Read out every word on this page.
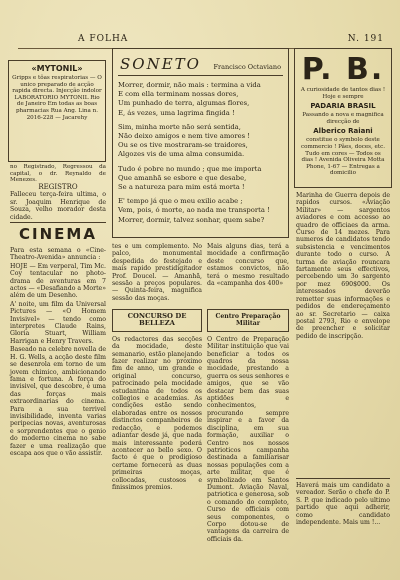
A FOLHA	N. 191
«MYTONIL»
Gripps e tôas respiratorias — O unico preparado de acção rapida directa. Injecção indolor LABORATORIO MYTONIL Rio de Janeiro Em todas as boas pharmacias Rua Ang. Lina n. 2016-228 — Jacarehy
no Registrado, Regressou da capital, o dr. Reynaldo de Menezes.
REGISTRO

Falleceu terça-feira ultima, o sr. Joaquim Henrique de Souza, velho morador desta cidade.

CINEMA

Para esta semana o «Cine-Theatro-Avenida» annuncia :

HOJE — Em verperal, Tim Mc. Coy tentacular no photo-drama de aventuras em 7 actos — «Desafiando a Morte» além de um Desenho.

A' noite, um film da Universal Pictures — «O Homem Invisivel» — tendo como interpretes Claude Rains, Gloria Stuart, William Harrigan e Henry Travers.

Baseado na celebre novella de H. G. Wells, a acção deste film se desenrola em torno de um jovem chimico, ambicionando fama e fortuna. A força do invisivel, que descobre, é uma das forças mais extraordinarias do cinema. Para a sua terrivel invisibilidade, inventa varias peripecias novas, aventurosas e sorprendentes que o genio do moderno cinema no sabe fazer e uma realização que escapa aos que o vão assistir.

SONETO Francisco Octaviano
Morrer, dormir, não mais : termina a vida
E com ella terminam nossas dores,
Um punhado de terra, algumas flores,
E, ás vezes, uma lagrima fingida !
Sim, minha morte não será sentida,
Não deixo amigos e nem tive amores !
Ou se os tive mostraram-se traidores,
Algozes vis de uma alma consumida.
Tudo é pobre no mundo ; que me importa
Que amanhã se esbore e que desabe,
Se a natureza para mim está morta !
E' tempo já que o meu exilio acabe ;
Vem, pois, ó morte, ao nada me transporta !
Morrer, dormir, talvez sonhar, quem sabe?

tes e um complemento. No palco, monumental despedida do festejado e mais rapido prestidigitador Prof. Doucel. — Amanhã, sessão a preços populares. — Quinta-feira, magnifica sessão das moças.

Mais alguns dias, terá a mocidade a confirmação deste concurso que, estamos convictos, não terá o mesmo resultado da «campanha dos 400»

CONCURSO DE BELLEZA

Os redactores das secções da mocidade, deste semanario, estão planejando fazer realizar no proximo fim de anno, um grande e original concurso, patrocinado pela mocidade estudantina de todos os collegios e academias. As condições estão sendo elaboradas entre os nossos distinctos companheiros de redacção, e podemos adiantar desde já, que nada mais interessante poderá acontecer ao bello sexo. O facto é que o prodigioso certame fornecerá as duas primeiras moças, collocadas, custosos e finissimos premios.

Centro Preparação Militar

O Centro de Preparação Militar instituição que vai beneficiar a todos os quadros da nossa mocidade, prestando a guerra os seus senhores e amigos, que se vão destacar bem das suas aptidões e conhecimentos, procurando sempre inspirar e a favor da disciplina, em sua formação, auxiliar o Centro nos nossos patrioticos campanha destinada a familiarisar nossas populações com a arte militar, que é symbolizado em Santos Dumont. Aviação Naval, patriotica e generosa, sob o comando do completo, Curso de officiais com seus componentes, o Corpo dotou-se de vantagens da carreira de officiais da.

P. B.
A curiosidade de tantos dias ! Hoje e sempre
PADARIA BRASIL
Passando a nova e magnifica direcção de
Alberico Raiani
constitue o symbolo deste commercio ! Pães, doces, etc. Tudo em cores — Todos os dias ! Avenida Oliveira Motta Phone, 1-67 — Entregas a domicilio

Marinha de Guerra depois de rapidos cursos. «Aviação Militar» — sargentos aviadores e com accesso ao quadro de officiaes da arma. Curso de 14 mezes. Para numeros de candidatos tendo subsistencia e vencimentos durante todo o curso. A turma de aviação rouncara fartamente seus effectivos, percebendo um 3o sargento por mez 690$000. Os interessados deverão remetter suas informações e pedidos de endereçamento ao sr. Secretario — caixa postal 2793, Rio e envelope de preencher e solicitar pedido de inscripção.

Haverá mais um candidato a vereador. Serão o chefe do P. S. P. que indicado pelo ultimo partido que aqui adherir, como candidato independente. Mais um !...
